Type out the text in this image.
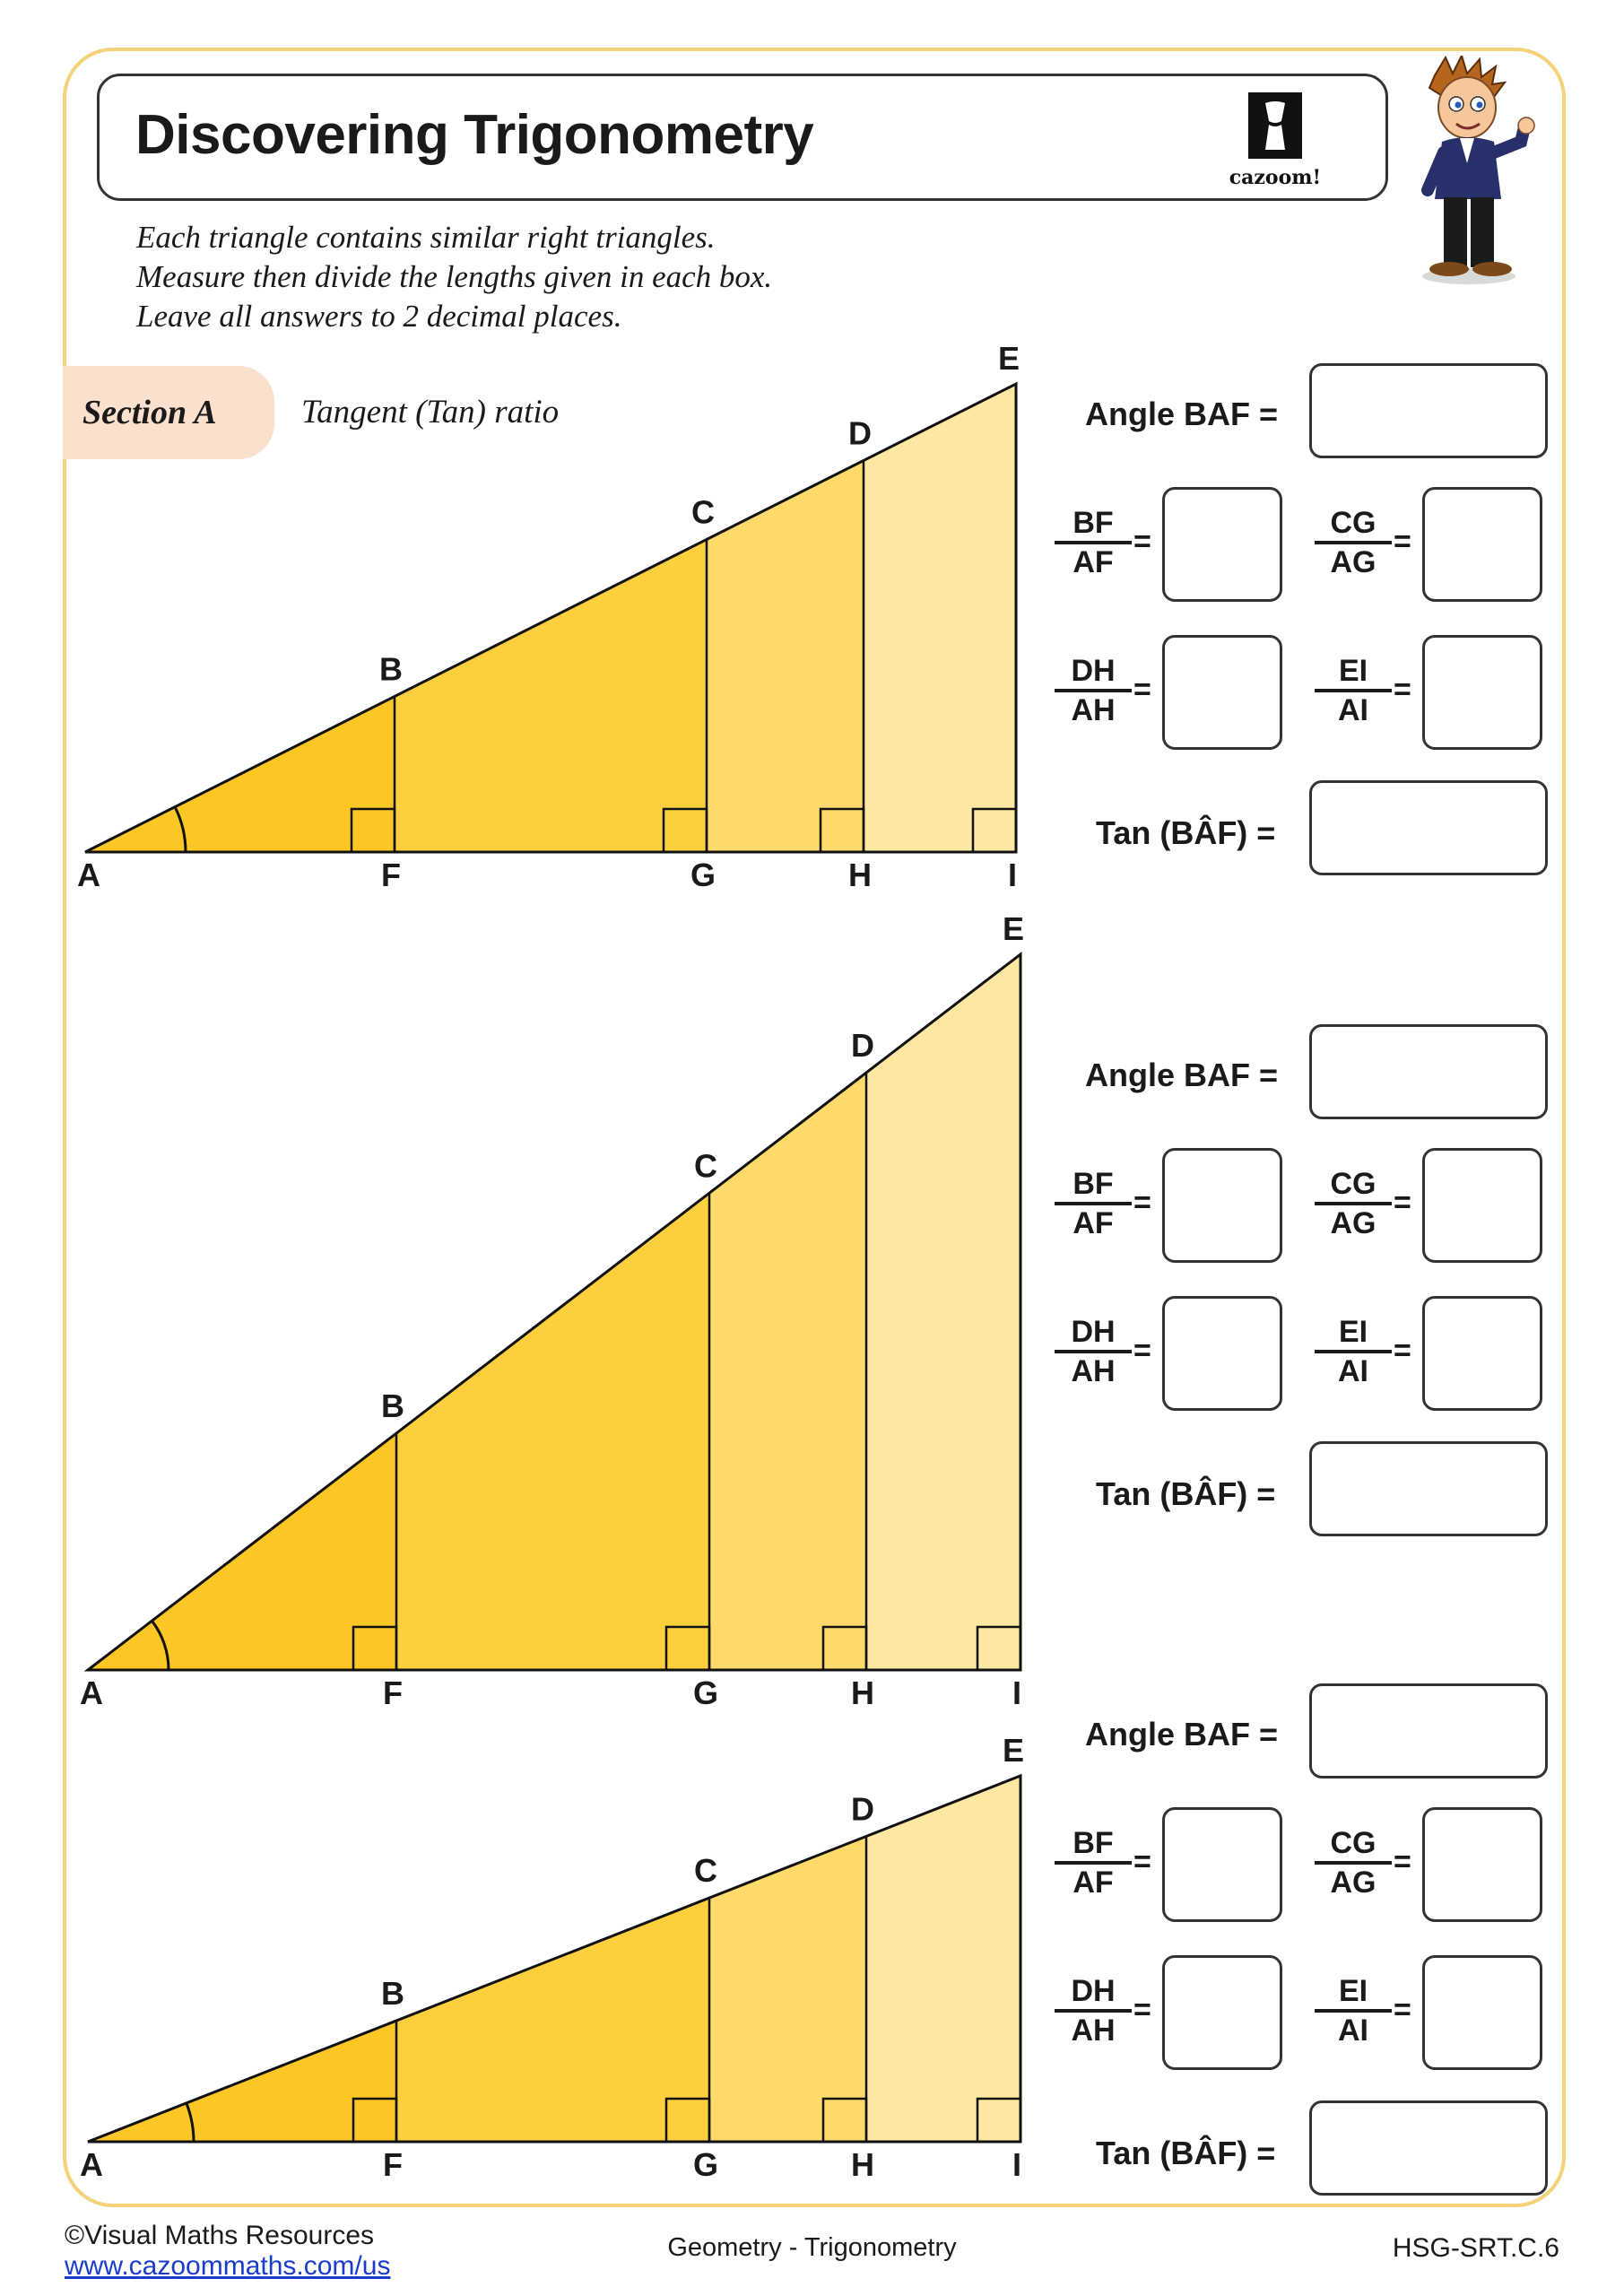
Discovering Trigonometry
cazoom!
Each triangle contains similar right triangles.
Measure then divide the lengths given in each box.
Leave all answers to 2 decimal places.
Section A	Tangent (Tan) ratio
A
B
C
D
E
F	G	H	I
A
B
C
D
E
F	G	H	I
A
B
C
D
E
F	G	H	I
Angle BAF =
$\frac{BF}{AF}$ =	$\frac{CG}{AG}$ =
$\frac{DH}{AH}$ =	$\frac{EI}{AI}$ =
Tan (BÂF) =
Angle BAF =
$\frac{BF}{AF}$ =	$\frac{CG}{AG}$ =
$\frac{DH}{AH}$ =	$\frac{EI}{AI}$ =
Tan (BÂF) =
Angle BAF =
$\frac{BF}{AF}$ =	$\frac{CG}{AG}$ =
$\frac{DH}{AH}$ =	$\frac{EI}{AI}$ =
Tan (BÂF) =
©Visual Maths Resources
www.cazoommaths.com/us
Geometry - Trigonometry	HSG-SRT.C.6
